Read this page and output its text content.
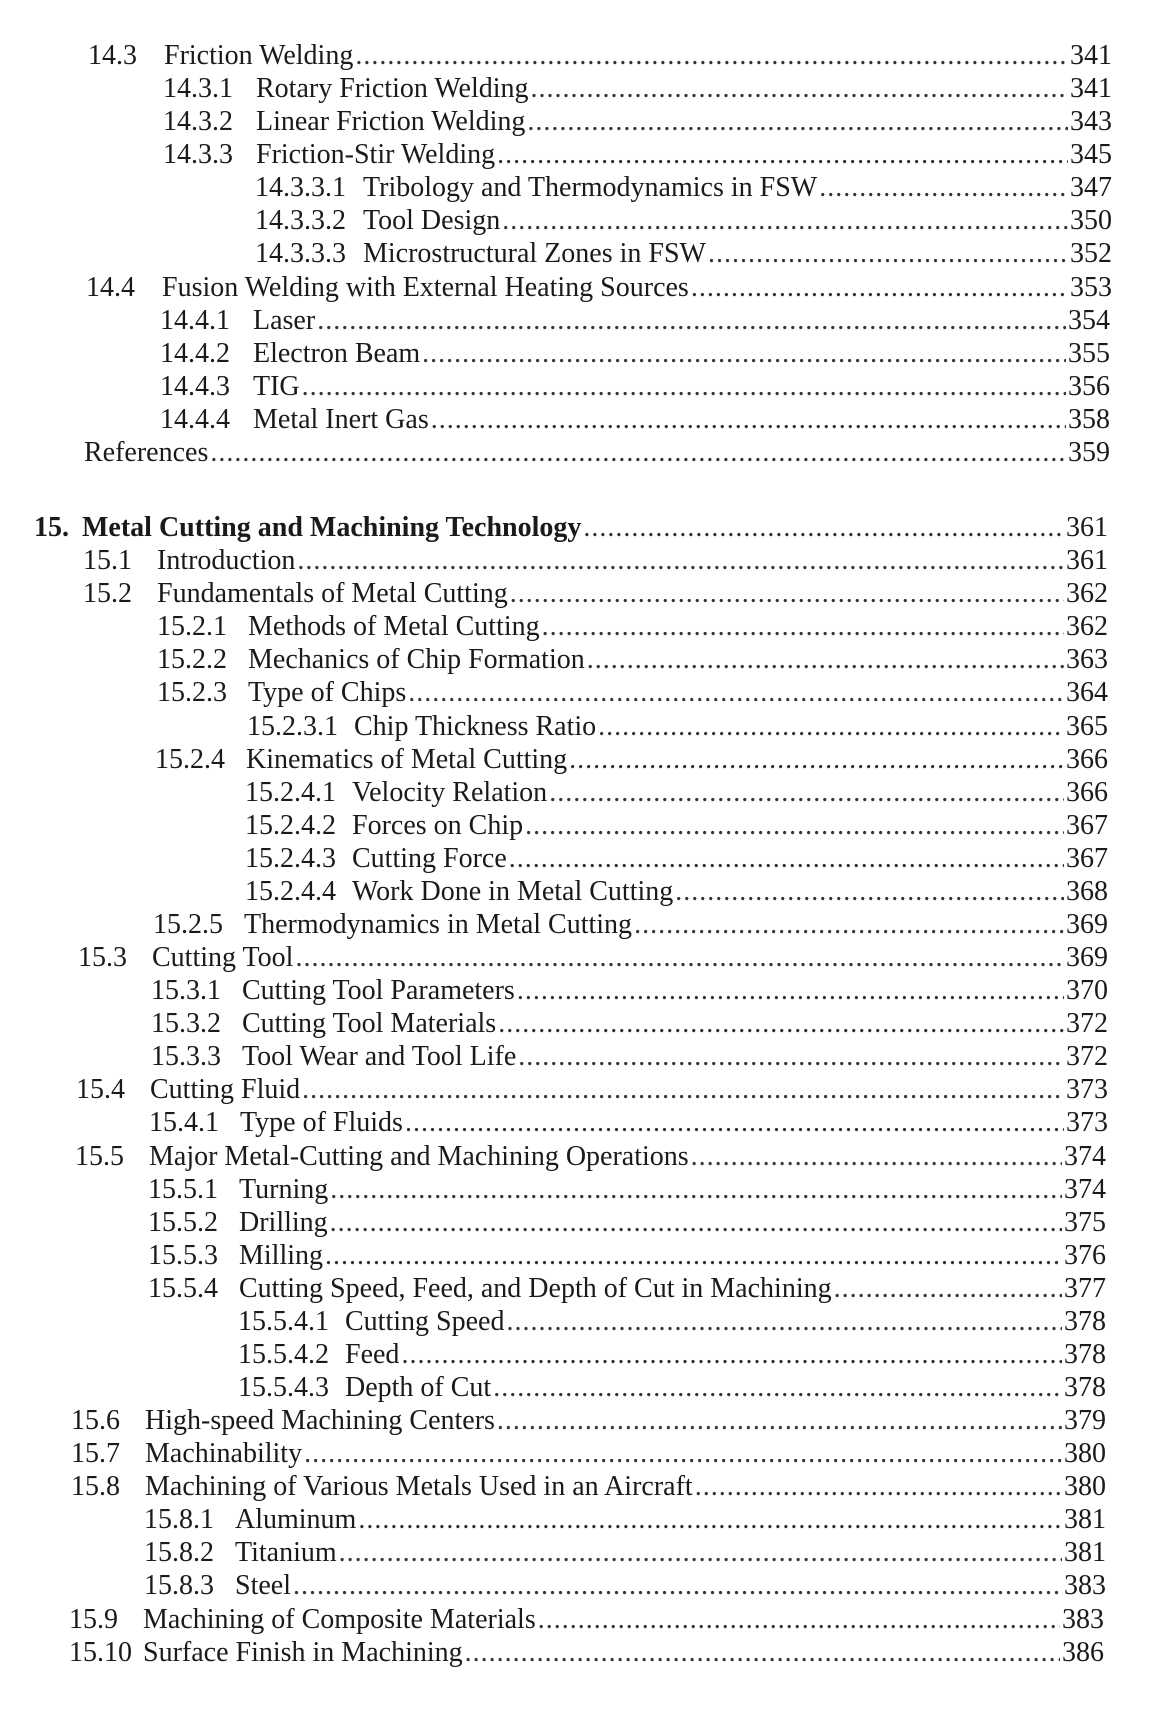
14.3 Friction Welding .....	341
14.3.1 Rotary Friction Welding .....	341
14.3.2 Linear Friction Welding .....	343
14.3.3 Friction-Stir Welding .....	345
14.3.3.1 Tribology and Thermodynamics in FSW .....	347
14.3.3.2 Tool Design .....	350
14.3.3.3 Microstructural Zones in FSW .....	352
14.4 Fusion Welding with External Heating Sources .....	353
14.4.1 Laser .....	354
14.4.2 Electron Beam .....	355
14.4.3 TIG .....	356
14.4.4 Metal Inert Gas .....	358
References .....	359
15. Metal Cutting and Machining Technology .....	361
15.1 Introduction .....	361
15.2 Fundamentals of Metal Cutting .....	362
15.2.1 Methods of Metal Cutting .....	362
15.2.2 Mechanics of Chip Formation .....	363
15.2.3 Type of Chips .....	364
15.2.3.1 Chip Thickness Ratio .....	365
15.2.4 Kinematics of Metal Cutting .....	366
15.2.4.1 Velocity Relation .....	366
15.2.4.2 Forces on Chip .....	367
15.2.4.3 Cutting Force .....	367
15.2.4.4 Work Done in Metal Cutting .....	368
15.2.5 Thermodynamics in Metal Cutting .....	369
15.3 Cutting Tool .....	369
15.3.1 Cutting Tool Parameters .....	370
15.3.2 Cutting Tool Materials .....	372
15.3.3 Tool Wear and Tool Life .....	372
15.4 Cutting Fluid .....	373
15.4.1 Type of Fluids .....	373
15.5 Major Metal-Cutting and Machining Operations .....	374
15.5.1 Turning .....	374
15.5.2 Drilling .....	375
15.5.3 Milling .....	376
15.5.4 Cutting Speed, Feed, and Depth of Cut in Machining .....	377
15.5.4.1 Cutting Speed .....	378
15.5.4.2 Feed .....	378
15.5.4.3 Depth of Cut .....	378
15.6 High-speed Machining Centers .....	379
15.7 Machinability .....	380
15.8 Machining of Various Metals Used in an Aircraft .....	380
15.8.1 Aluminum .....	381
15.8.2 Titanium .....	381
15.8.3 Steel .....	383
15.9 Machining of Composite Materials .....	383
15.10 Surface Finish in Machining .....	386
